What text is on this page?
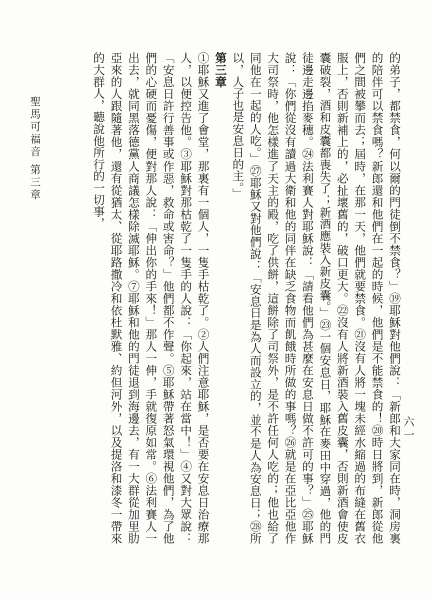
的弟子，都禁食，何以爾的門徒倒不禁食？」⑲耶穌對他們說：「新郎和大家同在時，洞房裏的陪伴可以禁食嗎？新郎還和他們在一起的時候，他們是不能禁食的！⑳時日將到，新郎從他們之間被攀而去；屆時，在那一天，他們就要禁食。㉑沒有人將一塊未經水縮過的布縫在舊衣服上，否則新補上的，必扯壞舊的，破口更大。㉒沒有人將新酒裝入舊皮囊，否則新酒會使皮囊破裂，酒和皮囊都喪失了；新酒應裝入新皮囊。」㉓一個安息日，耶穌在麥田中穿過，他的門徒邊走邊掐麥穗。㉔法利賽人對耶穌說：「請看他們為甚麼在安息日做不許可的事？」㉕耶穌說：「你們從沒有讀過大衛和他的同伴在缺乏食物而飢餓時所做的事嗎？㉖就是在亞比亞他作大司祭時，他怎樣進了天主的殿，吃了供餅，這餅除了司祭外，是不許任何人吃的；他也給了同他在一起的人吃。」㉗耶穌又對他們說：「安息日是為人而設立的，並不是人為安息日；㉘所以，人子也是安息日的主。」

第三章

①耶穌又進了會堂，那裏有一個人，一隻手枯乾了。②人們注意耶穌，是否要在安息日治療那人，以便控告他。③耶穌對那枯乾了一隻手的人說：「你起來，站在當中！」④又對大眾說：「安息日許行善事或作惡，救命或害命？」他們都不作聲。⑤耶穌帶著怒氣環視他們，為了他們的心硬而憂傷，便對那人說：「伸出你的手來！」那人一伸，手就復原如常。⑥法利賽人一出去，就同黑落德黨人商議怎樣除滅耶穌。⑦耶穌和他的門徒退到海邊去，有一大群從加里肋亞來的人跟隨著他，還有從猶太、從耶路撒冷和依杜默雅、約但河外，以及提洛和漆冬一帶來的大群人，聽說他所行的一切事，

聖馬可福音 第三章
六一
